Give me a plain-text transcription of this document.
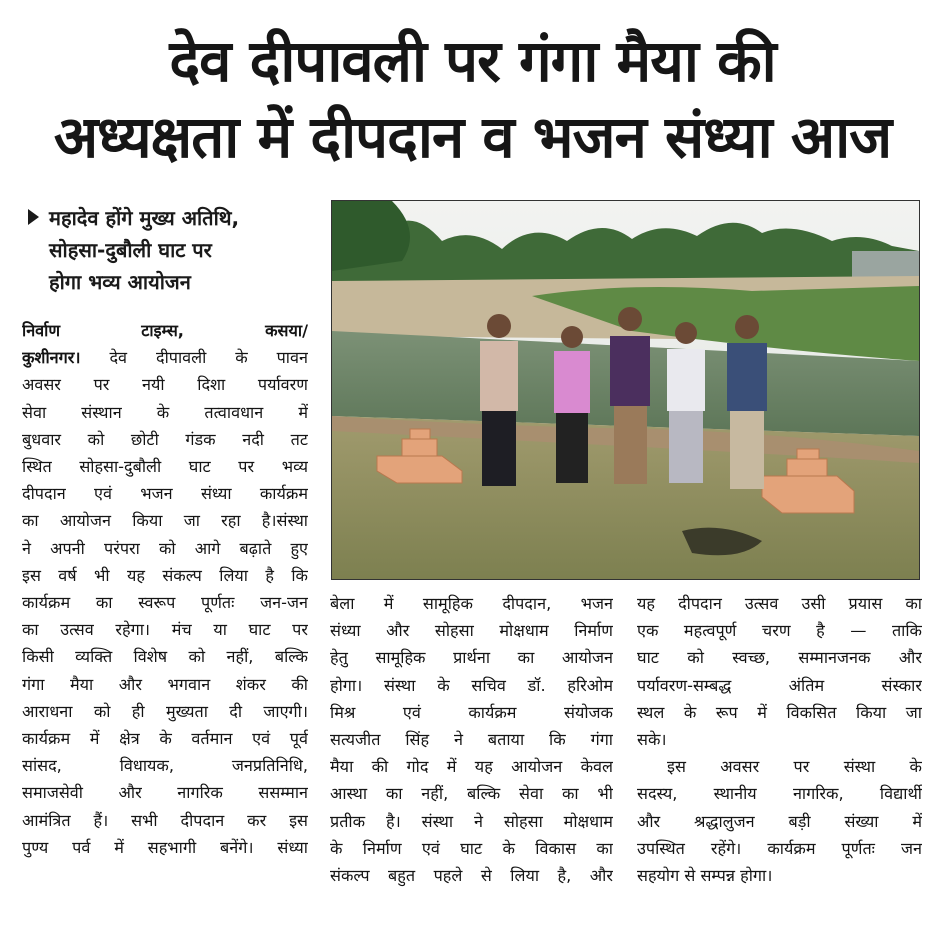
देव दीपावली पर गंगा मैया की
अध्यक्षता में दीपदान व भजन संध्या आज
महादेव होंगे मुख्य अतिथि,
सोहसा-दुबौली घाट पर
होगा भव्य आयोजन
निर्वाण टाइम्स, कसया/
कुशीनगर। देव दीपावली के पावन
अवसर पर नयी दिशा पर्यावरण
सेवा संस्थान के तत्वावधान में
बुधवार को छोटी गंडक नदी तट
स्थित सोहसा-दुबौली घाट पर भव्य
दीपदान एवं भजन संध्या कार्यक्रम
का आयोजन किया जा रहा है।संस्था
ने अपनी परंपरा को आगे बढ़ाते हुए
इस वर्ष भी यह संकल्प लिया है कि
कार्यक्रम का स्वरूप पूर्णतः जन-जन
का उत्सव रहेगा। मंच या घाट पर
किसी व्यक्ति विशेष को नहीं, बल्कि
गंगा मैया और भगवान शंकर की
आराधना को ही मुख्यता दी जाएगी।
कार्यक्रम में क्षेत्र के वर्तमान एवं पूर्व
सांसद, विधायक, जनप्रतिनिधि,
समाजसेवी और नागरिक ससम्मान
आमंत्रित हैं। सभी दीपदान कर इस
पुण्य पर्व में सहभागी बनेंगे। संध्या
बेला में सामूहिक दीपदान, भजन
संध्या और सोहसा मोक्षधाम निर्माण
हेतु सामूहिक प्रार्थना का आयोजन
होगा। संस्था के सचिव डॉ. हरिओम
मिश्र एवं कार्यक्रम संयोजक
सत्यजीत सिंह ने बताया कि गंगा
मैया की गोद में यह आयोजन केवल
आस्था का नहीं, बल्कि सेवा का भी
प्रतीक है। संस्था ने सोहसा मोक्षधाम
के निर्माण एवं घाट के विकास का
संकल्प बहुत पहले से लिया है, और
यह दीपदान उत्सव उसी प्रयास का
एक महत्वपूर्ण चरण है — ताकि
घाट को स्वच्छ, सम्मानजनक और
पर्यावरण-सम्बद्ध अंतिम संस्कार
स्थल के रूप में विकसित किया जा
सके।
इस अवसर पर संस्था के
सदस्य, स्थानीय नागरिक, विद्यार्थी
और श्रद्धालुजन बड़ी संख्या में
उपस्थित रहेंगे। कार्यक्रम पूर्णतः जन
सहयोग से सम्पन्न होगा।
